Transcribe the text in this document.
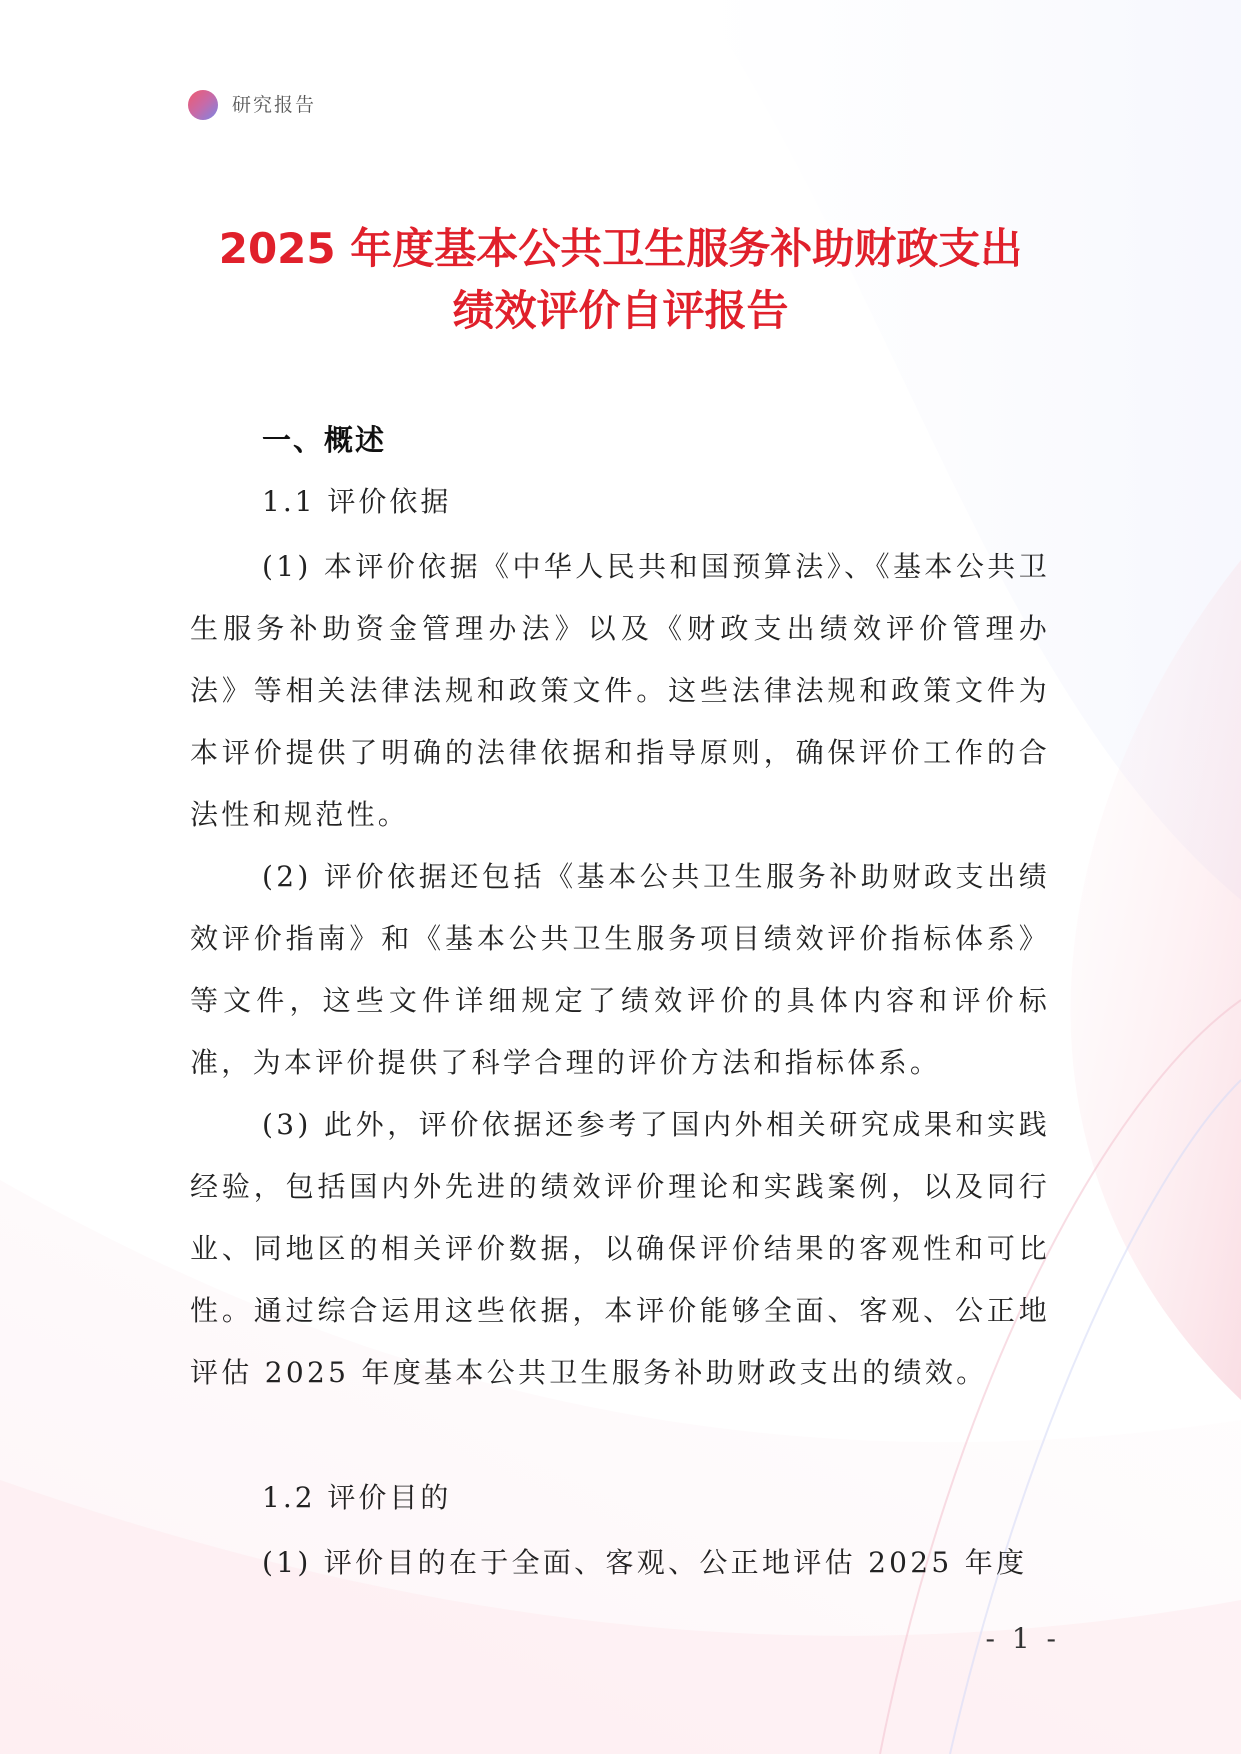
研究报告
2025 年度基本公共卫生服务补助财政支出
绩效评价自评报告
一、概述
1.1 评价依据
(1) 本评价依据《中华人民共和国预算法》、《基本公共卫生服务补助资金管理办法》以及《财政支出绩效评价管理办法》等相关法律法规和政策文件。这些法律法规和政策文件为本评价提供了明确的法律依据和指导原则，确保评价工作的合法性和规范性。
(2) 评价依据还包括《基本公共卫生服务补助财政支出绩效评价指南》和《基本公共卫生服务项目绩效评价指标体系》等文件，这些文件详细规定了绩效评价的具体内容和评价标准，为本评价提供了科学合理的评价方法和指标体系。
(3) 此外，评价依据还参考了国内外相关研究成果和实践经验，包括国内外先进的绩效评价理论和实践案例，以及同行业、同地区的相关评价数据，以确保评价结果的客观性和可比性。通过综合运用这些依据，本评价能够全面、客观、公正地评估 2025 年度基本公共卫生服务补助财政支出的绩效。
1.2 评价目的
(1) 评价目的在于全面、客观、公正地评估 2025 年度
- 1 -
